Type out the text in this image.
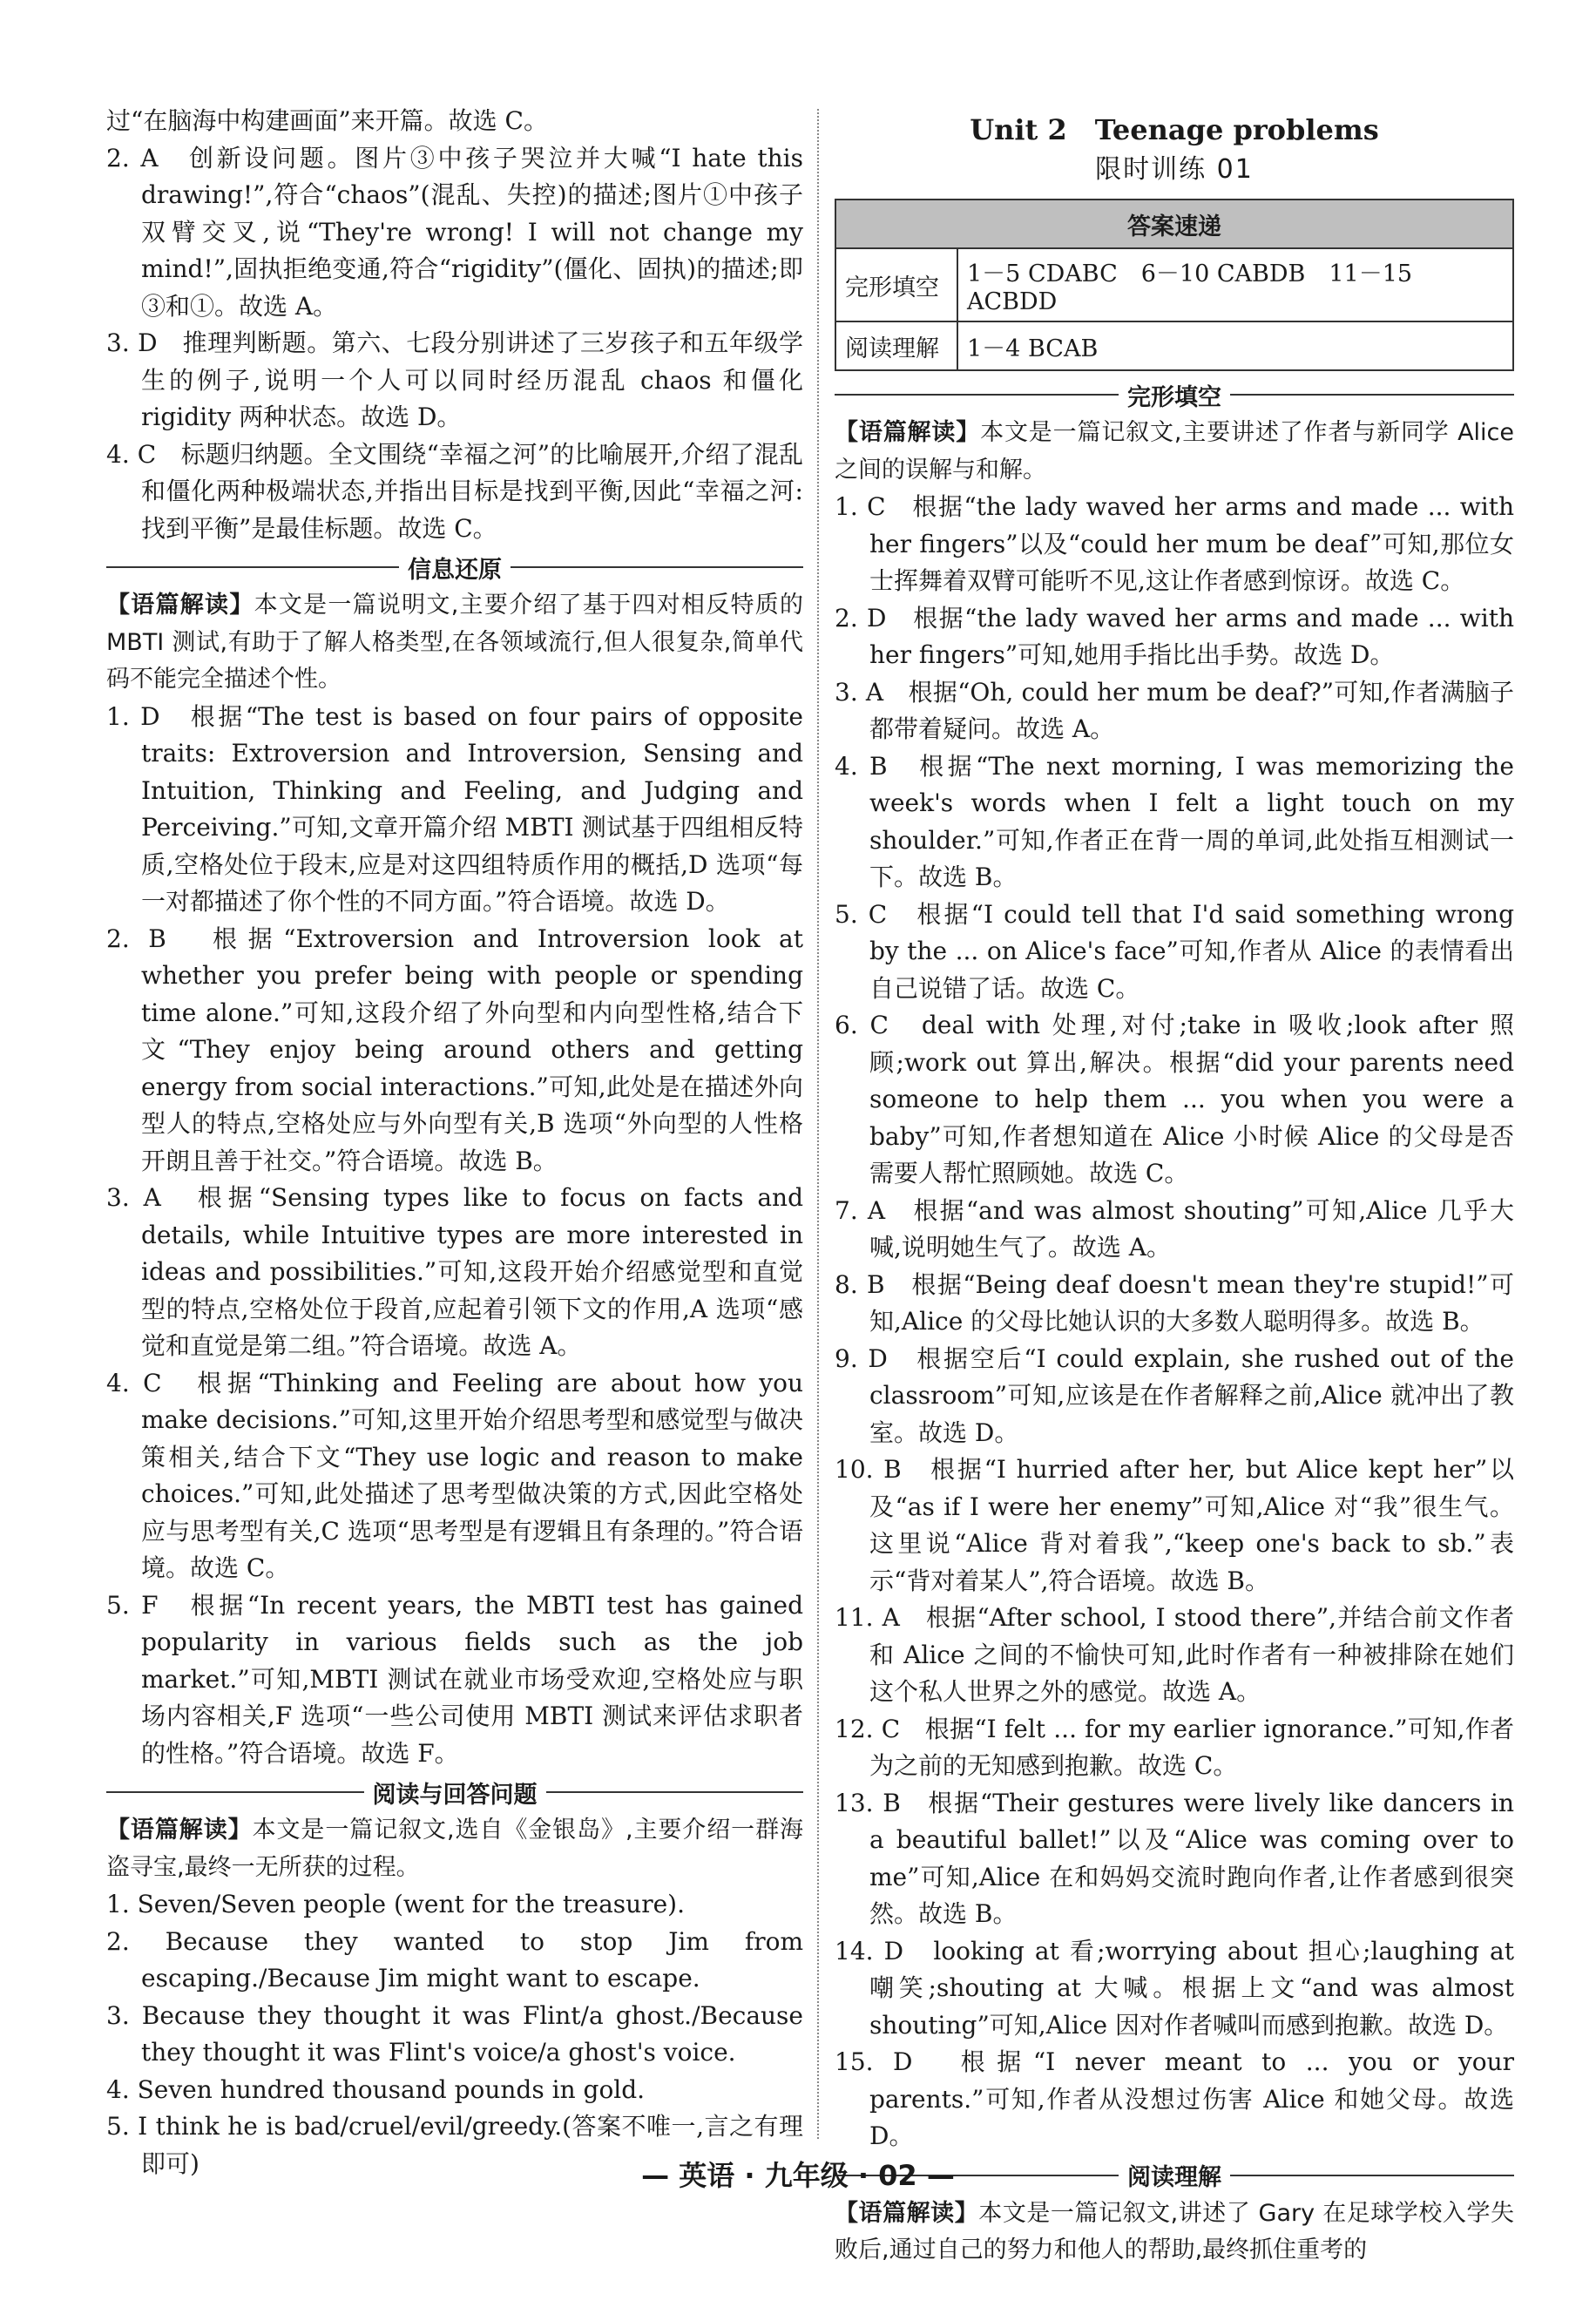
过“在脑海中构建画面”来开篇。故选 C。

2. A　创新设问题。图片③中孩子哭泣并大喊“I hate this drawing!”,符合“chaos”(混乱、失控)的描述;图片①中孩子双臂交叉,说“They're wrong! I will not change my mind!”,固执拒绝变通,符合“rigidity”(僵化、固执)的描述;即③和①。故选 A。

3. D　推理判断题。第六、七段分别讲述了三岁孩子和五年级学生的例子,说明一个人可以同时经历混乱 chaos 和僵化 rigidity 两种状态。故选 D。

4. C　标题归纳题。全文围绕“幸福之河”的比喻展开,介绍了混乱和僵化两种极端状态,并指出目标是找到平衡,因此“幸福之河:找到平衡”是最佳标题。故选 C。

信息还原

【语篇解读】本文是一篇说明文,主要介绍了基于四对相反特质的 MBTI 测试,有助于了解人格类型,在各领域流行,但人很复杂,简单代码不能完全描述个性。

1. D　根据“The test is based on four pairs of opposite traits: Extroversion and Introversion, Sensing and Intuition, Thinking and Feeling, and Judging and Perceiving.”可知,文章开篇介绍 MBTI 测试基于四组相反特质,空格处位于段末,应是对这四组特质作用的概括,D 选项“每一对都描述了你个性的不同方面。”符合语境。故选 D。

2. B　根据“Extroversion and Introversion look at whether you prefer being with people or spending time alone.”可知,这段介绍了外向型和内向型性格,结合下文“They enjoy being around others and getting energy from social interactions.”可知,此处是在描述外向型人的特点,空格处应与外向型有关,B 选项“外向型的人性格开朗且善于社交。”符合语境。故选 B。

3. A　根据“Sensing types like to focus on facts and details, while Intuitive types are more interested in ideas and possibilities.”可知,这段开始介绍感觉型和直觉型的特点,空格处位于段首,应起着引领下文的作用,A 选项“感觉和直觉是第二组。”符合语境。故选 A。

4. C　根据“Thinking and Feeling are about how you make decisions.”可知,这里开始介绍思考型和感觉型与做决策相关,结合下文“They use logic and reason to make choices.”可知,此处描述了思考型做决策的方式,因此空格处应与思考型有关,C 选项“思考型是有逻辑且有条理的。”符合语境。故选 C。

5. F　根据“In recent years, the MBTI test has gained popularity in various fields such as the job market.”可知,MBTI 测试在就业市场受欢迎,空格处应与职场内容相关,F 选项“一些公司使用 MBTI 测试来评估求职者的性格。”符合语境。故选 F。

阅读与回答问题

【语篇解读】本文是一篇记叙文,选自《金银岛》,主要介绍一群海盗寻宝,最终一无所获的过程。

1. Seven/Seven people (went for the treasure).

2. Because they wanted to stop Jim from escaping./Because Jim might want to escape.

3. Because they thought it was Flint/a ghost./Because they thought it was Flint's voice/a ghost's voice.

4. Seven hundred thousand pounds in gold.

5. I think he is bad/cruel/evil/greedy.(答案不唯一,言之有理即可)

Unit 2　Teenage problems

限时训练 01

答案速递	
完形填空	1－5 CDABC　6－10 CABDB　11－15 ACBDD
阅读理解	1－4 BCAB
完形填空

【语篇解读】本文是一篇记叙文,主要讲述了作者与新同学 Alice 之间的误解与和解。

1. C　根据“the lady waved her arms and made ... with her fingers”以及“could her mum be deaf”可知,那位女士挥舞着双臂可能听不见,这让作者感到惊讶。故选 C。

2. D　根据“the lady waved her arms and made ... with her fingers”可知,她用手指比出手势。故选 D。

3. A　根据“Oh, could her mum be deaf?”可知,作者满脑子都带着疑问。故选 A。

4. B　根据“The next morning, I was memorizing the week's words when I felt a light touch on my shoulder.”可知,作者正在背一周的单词,此处指互相测试一下。故选 B。

5. C　根据“I could tell that I'd said something wrong by the ... on Alice's face”可知,作者从 Alice 的表情看出自己说错了话。故选 C。

6. C　deal with 处理,对付;take in 吸收;look after 照顾;work out 算出,解决。根据“did your parents need someone to help them ... you when you were a baby”可知,作者想知道在 Alice 小时候 Alice 的父母是否需要人帮忙照顾她。故选 C。

7. A　根据“and was almost shouting”可知,Alice 几乎大喊,说明她生气了。故选 A。

8. B　根据“Being deaf doesn't mean they're stupid!”可知,Alice 的父母比她认识的大多数人聪明得多。故选 B。

9. D　根据空后“I could explain, she rushed out of the classroom”可知,应该是在作者解释之前,Alice 就冲出了教室。故选 D。

10. B　根据“I hurried after her, but Alice kept her”以及“as if I were her enemy”可知,Alice 对“我”很生气。这里说“Alice 背对着我”,“keep one's back to sb.”表示“背对着某人”,符合语境。故选 B。

11. A　根据“After school, I stood there”,并结合前文作者和 Alice 之间的不愉快可知,此时作者有一种被排除在她们这个私人世界之外的感觉。故选 A。

12. C　根据“I felt ... for my earlier ignorance.”可知,作者为之前的无知感到抱歉。故选 C。

13. B　根据“Their gestures were lively like dancers in a beautiful ballet!”以及“Alice was coming over to me”可知,Alice 在和妈妈交流时跑向作者,让作者感到很突然。故选 B。

14. D　looking at 看;worrying about 担心;laughing at 嘲笑;shouting at 大喊。根据上文“and was almost shouting”可知,Alice 因对作者喊叫而感到抱歉。故选 D。

15. D　根据“I never meant to ... you or your parents.”可知,作者从没想过伤害 Alice 和她父母。故选 D。

阅读理解

【语篇解读】本文是一篇记叙文,讲述了 Gary 在足球学校入学失败后,通过自己的努力和他人的帮助,最终抓住重考的

— 英语 · 九年级 · 02 —
